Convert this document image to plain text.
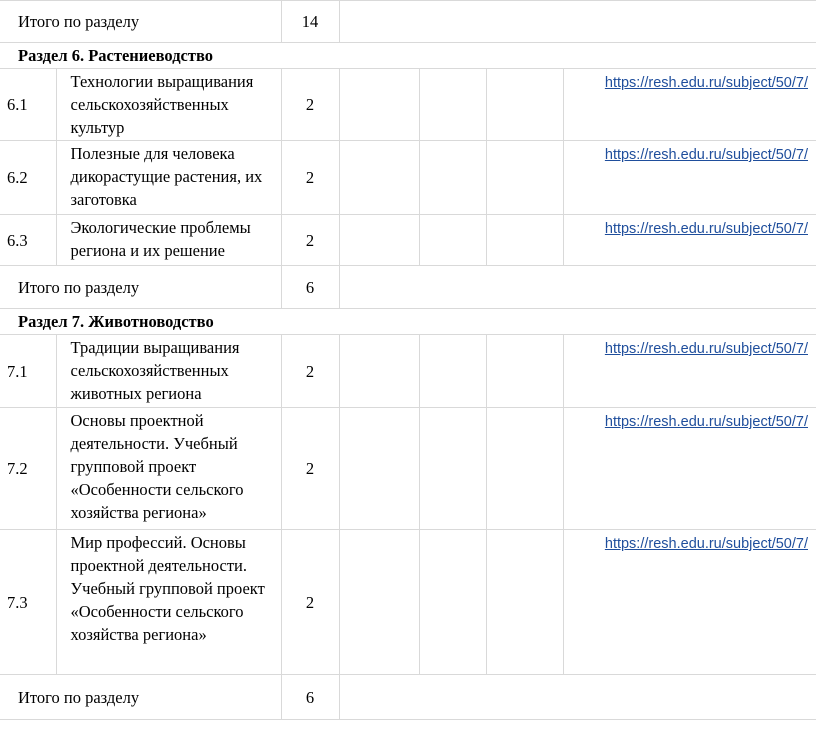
Итого по разделу		14				
Раздел 6. Растениеводство						
6.1	Технологии выращивания сельскохозяйственных культур	2				https://resh.edu.ru/subject/50/7/
6.2	Полезные для человека дикорастущие растения, их заготовка	2				https://resh.edu.ru/subject/50/7/
6.3	Экологические проблемы региона и их решение	2				https://resh.edu.ru/subject/50/7/
Итого по разделу		6				
Раздел 7. Животноводство						
7.1	Традиции выращивания сельскохозяйственных животных региона	2				https://resh.edu.ru/subject/50/7/
7.2	Основы проектной деятельности. Учебный групповой проект «Особенности сельского хозяйства региона»	2				https://resh.edu.ru/subject/50/7/
7.3	Мир профессий. Основы проектной деятельности. Учебный групповой проект «Особенности сельского хозяйства региона»	2				https://resh.edu.ru/subject/50/7/
Итого по разделу		6				
